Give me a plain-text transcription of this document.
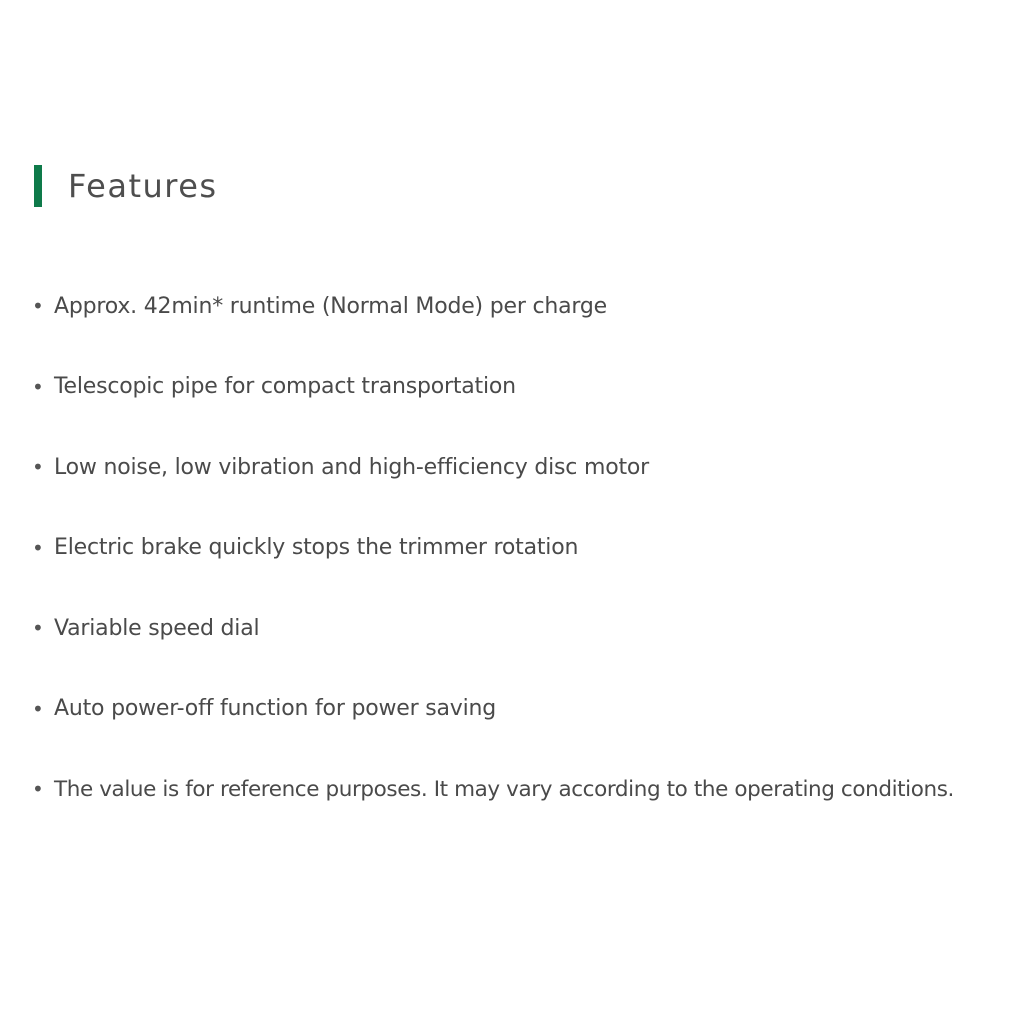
Features
• Approx. 42min* runtime (Normal Mode) per charge
• Telescopic pipe for compact transportation
• Low noise, low vibration and high-efficiency disc motor
• Electric brake quickly stops the trimmer rotation
• Variable speed dial
• Auto power-off function for power saving
• The value is for reference purposes. It may vary according to the operating conditions.
